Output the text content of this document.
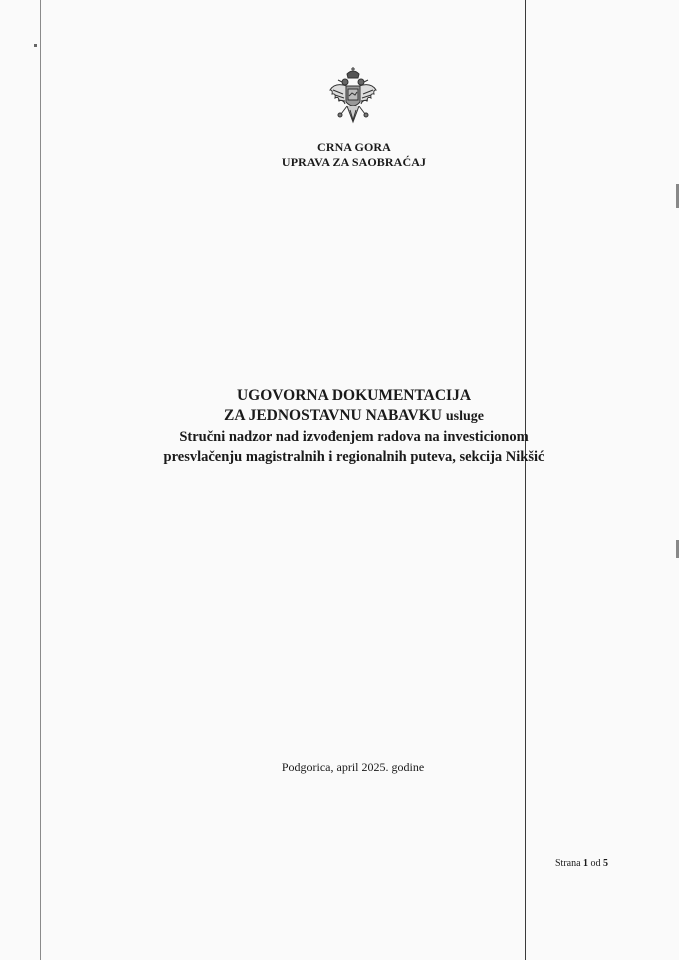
CRNA GORA
UPRAVA ZA SAOBRAĆAJ
UGOVORNA DOKUMENTACIJA
ZA JEDNOSTAVNU NABAVKU usluge
Stručni nadzor nad izvođenjem radova na investicionom
presvlačenju magistralnih i regionalnih puteva, sekcija Nikšić
Podgorica, april 2025. godine
Strana 1 od 5
